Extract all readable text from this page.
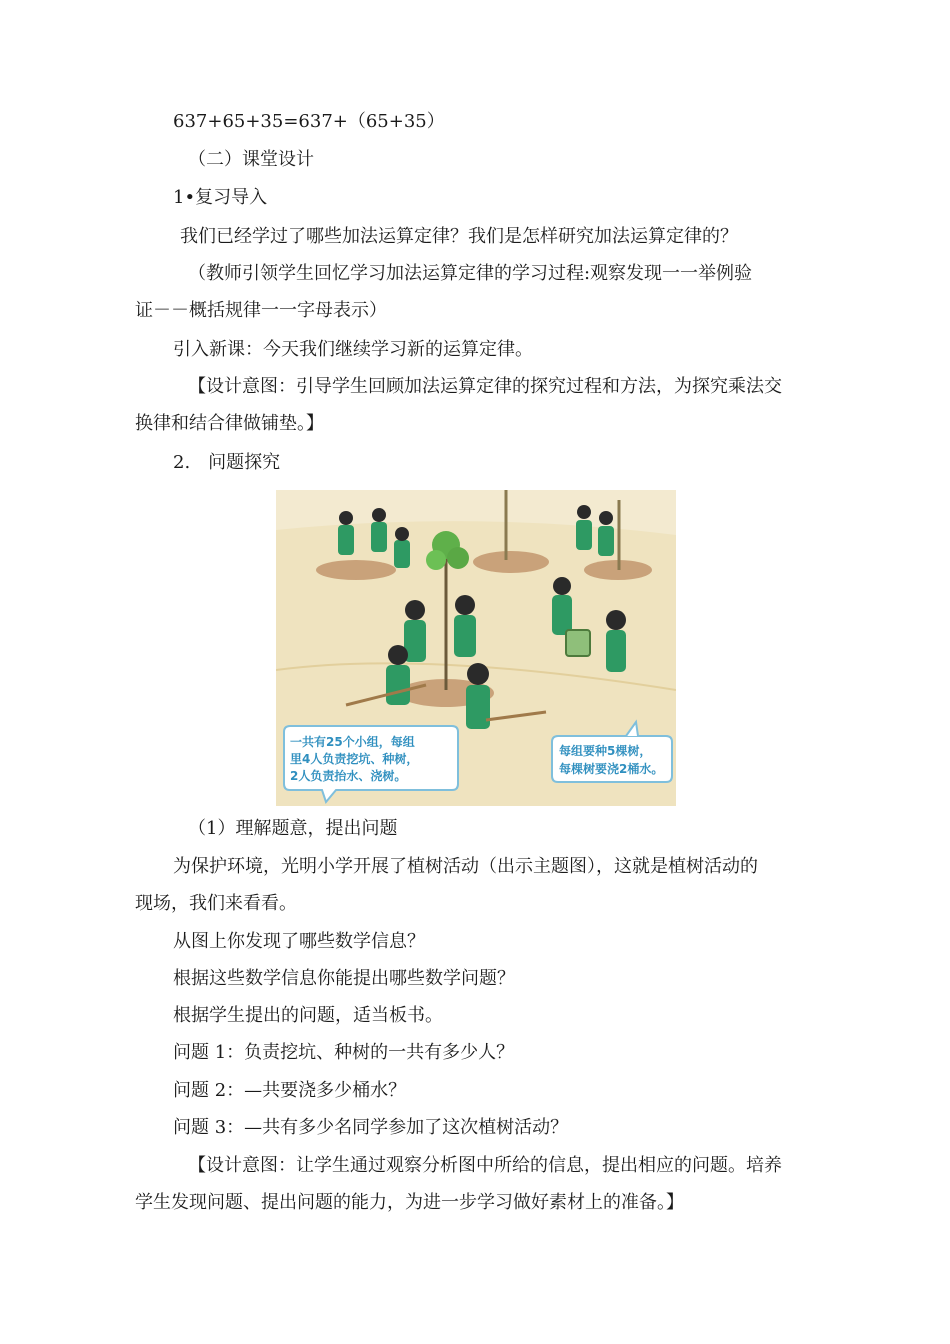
637+65+35=637+（65+35）
（二）课堂设计
1•复习导入
我们已经学过了哪些加法运算定律？我们是怎样研究加法运算定律的？
（教师引领学生回忆学习加法运算定律的学习过程:观察发现一一举例验
证－－概括规律一一字母表示）
引入新课：今天我们继续学习新的运算定律。
【设计意图：引导学生回顾加法运算定律的探究过程和方法，为探究乘法交
换律和结合律做铺垫。】
2.　问题探究
一共有25个小组，每组
里4人负责挖坑、种树，
2人负责抬水、浇树。
每组要种5棵树，
每棵树要浇2桶水。
（1）理解题意，提出问题
为保护环境，光明小学开展了植树活动（出示主题图），这就是植树活动的
现场，我们来看看。
从图上你发现了哪些数学信息？
根据这些数学信息你能提出哪些数学问题？
根据学生提出的问题，适当板书。
问题 1：负责挖坑、种树的一共有多少人？
问题 2：—共要浇多少桶水？
问题 3：—共有多少名同学参加了这次植树活动？
【设计意图：让学生通过观察分析图中所给的信息，提出相应的问题。培养
学生发现问题、提出问题的能力，为进一步学习做好素材上的准备。】
